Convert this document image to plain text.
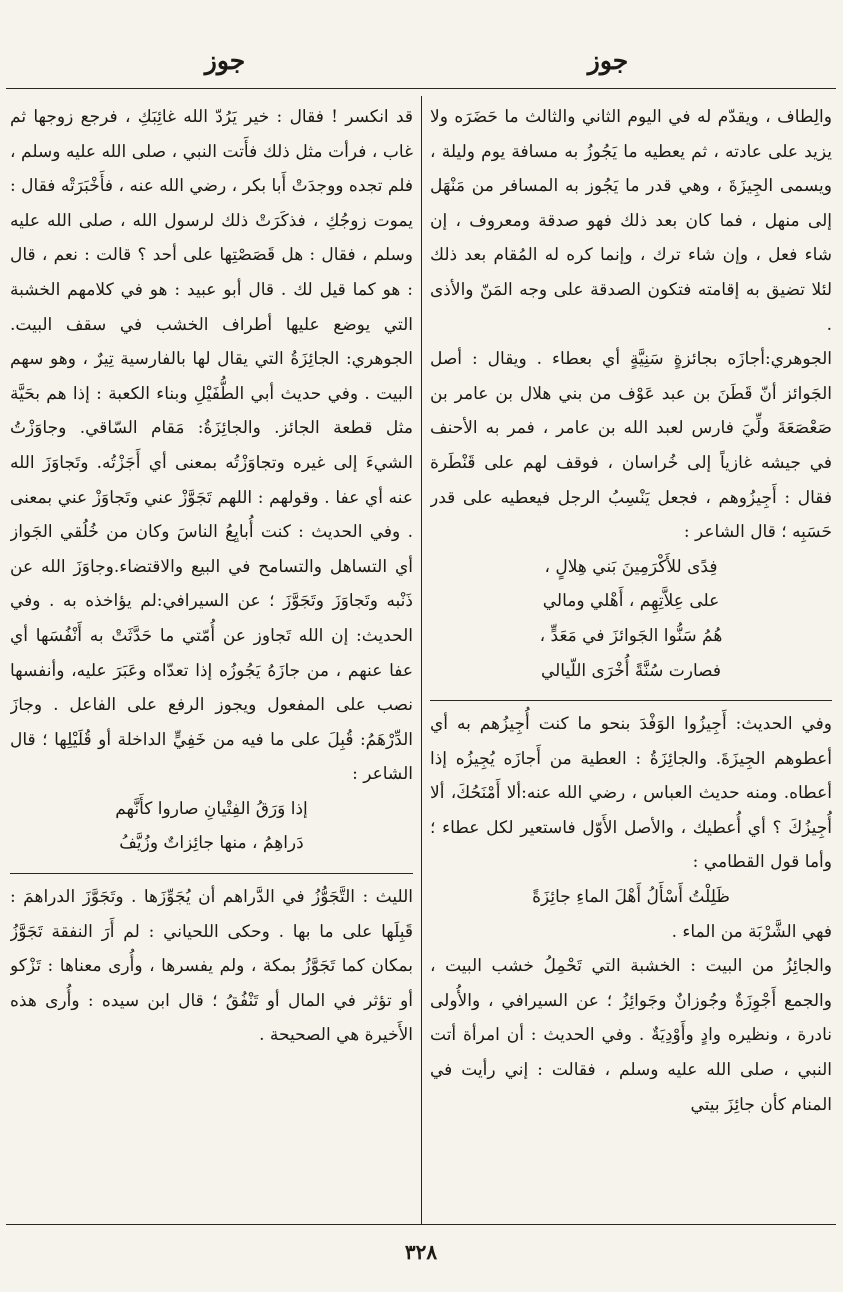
جوز
جوز

والِطاف ، ويقدّم له في اليوم الثاني والثالث ما حَضَرَه ولا يزيد على عادته ، ثم يعطيه ما يَجُوزُ به مسافة يوم وليلة ، ويسمى الجِيزَةَ ، وهي قدر ما يَجُوز به المسافر من مَنْهَل إلى منهل ، فما كان بعد ذلك فهو صدقة ومعروف ، إن شاء فعل ، وإن شاء ترك ، وإنما كره له المُقام بعد ذلك لئلا تضيق به إقامته فتكون الصدقة على وجه المَنّ والأذى .

الجوهري:أجازَه بجائزةٍ سَنِيَّةٍ أي بعطاء . ويقال : أصل الجَوائز أنّ قَطَنَ بن عبد عَوْف من بني هلال بن عامر بن صَعْصَعَةَ ولِّيَ فارس لعبد الله بن عامر ، فمر به الأحنف في جيشه غازياً إلى خُراسان ، فوقف لهم على قَنْطَرة فقال : أَجِيزُوهم ، فجعل يَنْسِبُ الرجل فيعطيه على قدر حَسَبِه ؛ قال الشاعر :

فِدًى للأَكْرَمِينَ بَني هِلالٍ ،

على عِلاَّتِهِم ، أَهْلي ومالي

هُمُ سَنُّوا الجَوائزَ في مَعَدٍّ ،

فصارت سُنَّةً أُخْرَى اللّيالي

وفي الحديث: أَجِيزُوا الوَفْدَ بنحو ما كنت أُجِيزُهم به أي أعطوهم الجِيزَةَ. والجائِزَةُ : العطية من أَجازَه يُجِيزُه إذا أعطاه. ومنه حديث العباس ، رضي الله عنه:ألا أَمْنَحُكَ، ألا أُجِيزُكَ ؟ أي أُعطيك ، والأصل الأَوّل فاستعير لكل عطاء ؛ وأما قول القطامي :

ظَلِلْتُ أَسْأَلُ أَهْلَ الماءِ جائِزَةً

فهي الشَّرْبَة من الماء .

والجائِزُ من البيت : الخشبة التي تَحْمِلُ خشب البيت ، والجمع أَجْوِزَةٌ وجُوزانٌ وجَوائِزُ ؛ عن السيرافي ، والأُولى نادرة ، ونظيره وادٍ وأَوْدِيَةٌ . وفي الحديث : أن امرأة أتت النبي ، صلى الله عليه وسلم ، فقالت : إني رأيت في المنام كأن جائِزَ بيتي

قد انكسر ! فقال : خير يَرُدّ الله غائِبَكِ ، فرجع زوجها ثم غاب ، فرأت مثل ذلك فأَتت النبي ، صلى الله عليه وسلم ، فلم تجده ووجدَتْ أَبا بكر ، رضي الله عنه ، فأَخْبَرَتْه فقال : يموت زوجُكِ ، فذكَرَتْ ذلك لرسول الله ، صلى الله عليه وسلم ، فقال : هل قَصَصْتِها على أحد ؟ قالت : نعم ، قال : هو كما قيل لك . قال أبو عبيد : هو في كلامهم الخشبة التي يوضع عليها أطراف الخشب في سقف البيت. الجوهري: الجائِزَةُ التي يقال لها بالفارسية تِيرٌ ، وهو سهم البيت . وفي حديث أبي الطُّفَيْلِ وبناء الكعبة : إذا هم بحَيَّة مثل قطعة الجائز. والجائِزَةُ: مَقام السّاقي. وجاوَزْتُ الشيءَ إلى غيره وتجاوَزْتُه بمعنى أي أَجَزْتُه. وتَجاوَزَ الله عنه أي عفا . وقولهم : اللهم تَجَوَّزْ عني وتَجاوَزْ عني بمعنى . وفي الحديث : كنت أُبايِعُ الناسَ وكان من خُلُقي الجَواز أي التساهل والتسامح في البيع والاقتضاء.وجاوَزَ الله عن ذَنْبه وتَجاوَزَ وتَجَوَّزَ ؛ عن السيرافي:لم يؤاخذه به . وفي الحديث: إن الله تَجاوز عن أُمّتي ما حَدَّثَتْ به أَنْفُسَها أي عفا عنهم ، من جازَهُ يَجُوزُه إذا تعدّاه وعَبَرَ عليه، وأنفسها نصب على المفعول ويجوز الرفع على الفاعل . وجازَ الدِّرْهَمُ: قُبِلَ على ما فيه من خَفِيٍّ الداخلة أو قُلَيْلِها ؛ قال الشاعر :

إذا وَرَقُ الفِتْيانِ صاروا كأَنَّهم

دَراهِمُ ، منها جائِزاتٌ وزُيَّفُ

الليث : التَّجَوُّزُ في الدَّراهم أن يُجَوِّزَها . وتَجَوَّزَ الدراهمَ : قَبِلَها على ما بها . وحكى اللحياني : لم أَرَ النفقة تَجَوَّزُ بمكان كما تَجَوَّزُ بمكة ، ولم يفسرها ، وأُرى معناها : تَزْكو أو تؤثر في المال أو تَنْفُقُ ؛ قال ابن سيده : وأُرى هذه الأَخيرة هي الصحيحة .

٣٢٨
